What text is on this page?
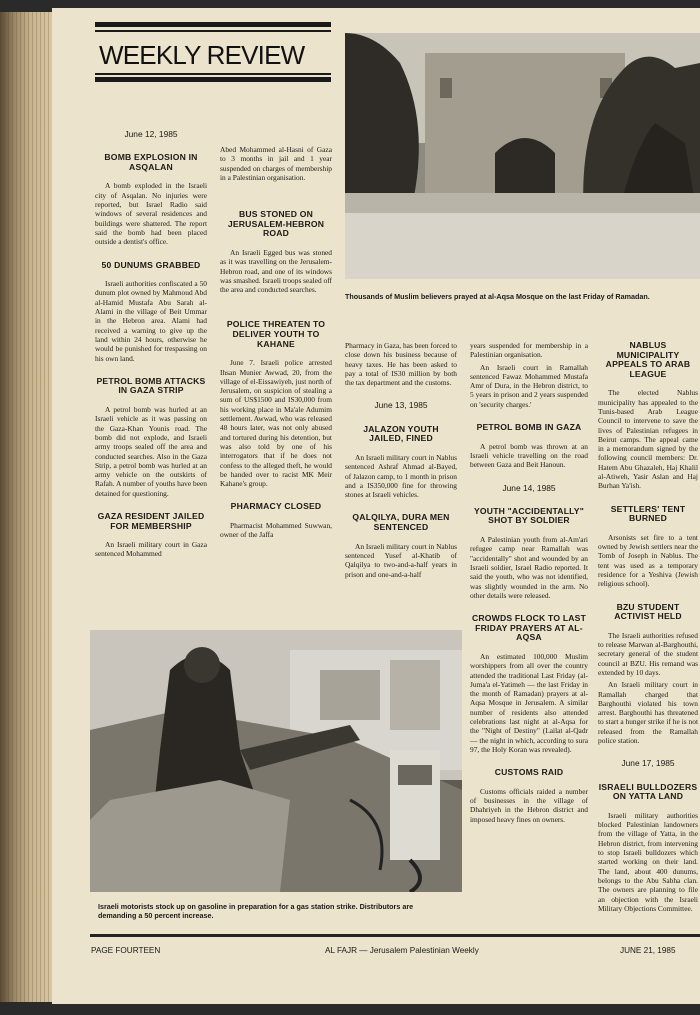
WEEKLY REVIEW
June 12, 1985
BOMB EXPLOSION IN ASQALAN

A bomb exploded in the Israeli city of Asqalan. No injuries were reported, but Israel Radio said windows of several residences and buildings were shattered. The report said the bomb had been placed outside a dentist's office.

50 DUNUMS GRABBED

Israeli authorities confiscated a 50 dunum plot owned by Mahmoud Abd al-Hamid Mustafa Abu Sarah al-Alami in the village of Beit Ummar in the Hebron area. Alami had received a warning to give up the land within 24 hours, otherwise he would be punished for trespassing on his own land.

PETROL BOMB ATTACKS IN GAZA STRIP

A petrol bomb was hurled at an Israeli vehicle as it was passing on the Gaza-Khan Younis road. The bomb did not explode, and Israeli army troops sealed off the area and conducted searches. Also in the Gaza Strip, a petrol bomb was hurled at an army vehicle on the outskirts of Rafah. A number of youths have been detained for questioning.

GAZA RESIDENT JAILED FOR MEMBERSHIP

An Israeli military court in Gaza sentenced Mohammed

Abed Mohammed al-Hasni of Gaza to 3 months in jail and 1 year suspended on charges of membership in a Palestinian organisation.

BUS STONED ON JERUSALEM-HEBRON ROAD

An Israeli Egged bus was stoned as it was travelling on the Jerusalem-Hebron road, and one of its windows was smashed. Israeli troops sealed off the area and conducted searches.

POLICE THREATEN TO DELIVER YOUTH TO KAHANE

June 7. Israeli police arrested Ihsan Munier Awwad, 20, from the village of el-Eissawiyeh, just north of Jerusalem, on suspicion of stealing a sum of US$1500 and IS30,000 from his working place in Ma'ale Adumim settlement. Awwad, who was released 48 hours later, was not only abused and tortured during his detention, but was also told by one of his interrogators that if he does not confess to the alleged theft, he would be handed over to racist MK Meir Kahane's group.

PHARMACY CLOSED

Pharmacist Mohammed Suwwan, owner of the Jaffa

Thousands of Muslim believers prayed at al-Aqsa Mosque on the last Friday of Ramadan.

Pharmacy in Gaza, has been forced to close down his business because of heavy taxes. He has been asked to pay a total of IS30 million by both the tax department and the customs.

June 13, 1985
JALAZON YOUTH JAILED, FINED

An Israeli military court in Nablus sentenced Ashraf Ahmad al-Bayed, of Jalazon camp, to 1 month in prison and a IS350,000 fine for throwing stones at Israeli vehicles.

QALQILYA, DURA MEN SENTENCED

An Israeli military court in Nablus sentenced Yusef al-Khatib of Qalqilya to two-and-a-half years in prison and one-and-a-half

years suspended for membership in a Palestinian organisation.

An Israeli court in Ramallah sentenced Fawaz Mohammed Mustafa Amr of Dura, in the Hebron district, to 5 years in prison and 2 years suspended on 'security charges.'

PETROL BOMB IN GAZA

A petrol bomb was thrown at an Israeli vehicle travelling on the road between Gaza and Beit Hanoun.

June 14, 1985
YOUTH "ACCIDENTALLY" SHOT BY SOLDIER

A Palestinian youth from al-Am'ari refugee camp near Ramallah was "accidentally" shot and wounded by an Israeli soldier, Israel Radio reported. It said the youth, who was not identified, was slightly wounded in the arm. No other details were released.

CROWDS FLOCK TO LAST FRIDAY PRAYERS AT AL-AQSA

An estimated 100,000 Muslim worshippers from all over the country attended the traditional Last Friday (al-Juma'a el-Yatimeh — the last Friday in the month of Ramadan) prayers at al-Aqsa Mosque in Jerusalem. A similar number of residents also attended celebrations last night at al-Aqsa for the "Night of Destiny" (Lailat al-Qadr — the night in which, according to sura 97, the Holy Koran was revealed).

CUSTOMS RAID

Customs officials raided a number of businesses in the village of Dhahriyeh in the Hebron district and imposed heavy fines on owners.

NABLUS MUNICIPALITY APPEALS TO ARAB LEAGUE

The elected Nablus municipality has appealed to the Tunis-based Arab League Council to intervene to save the lives of Palestinian refugees in Beirut camps. The appeal came in a memorandum signed by the following council members: Dr. Hatem Abu Ghazaleh, Haj Khalil al-Atiweh, Yasir Aslan and Haj Burhan Ya'ish.

SETTLERS' TENT BURNED

Arsonists set fire to a tent owned by Jewish settlers near the Tomb of Joseph in Nablus. The tent was used as a temporary residence for a Yeshiva (Jewish religious school).

BZU STUDENT ACTIVIST HELD

The Israeli authorities refused to release Marwan al-Barghouthi, secretary general of the student council at BZU. His remand was extended by 10 days.

An Israeli military court in Ramallah charged that Barghouthi violated his town arrest. Barghouthi has threatened to start a hunger strike if he is not released from the Ramallah police station.

June 17, 1985
ISRAELI BULLDOZERS ON YATTA LAND

Israeli military authorities blocked Palestinian landowners from the village of Yatta, in the Hebron district, from intervening to stop Israeli bulldozers which started working on their land. The land, about 400 dunums, belongs to the Abu Sabha clan. The owners are planning to file an objection with the Israeli Military Objections Committee.

Israeli motorists stock up on gasoline in preparation for a gas station strike. Distributors are demanding a 50 percent increase.
PAGE FOURTEEN	AL FAJR — Jerusalem Palestinian Weekly	JUNE 21, 1985
